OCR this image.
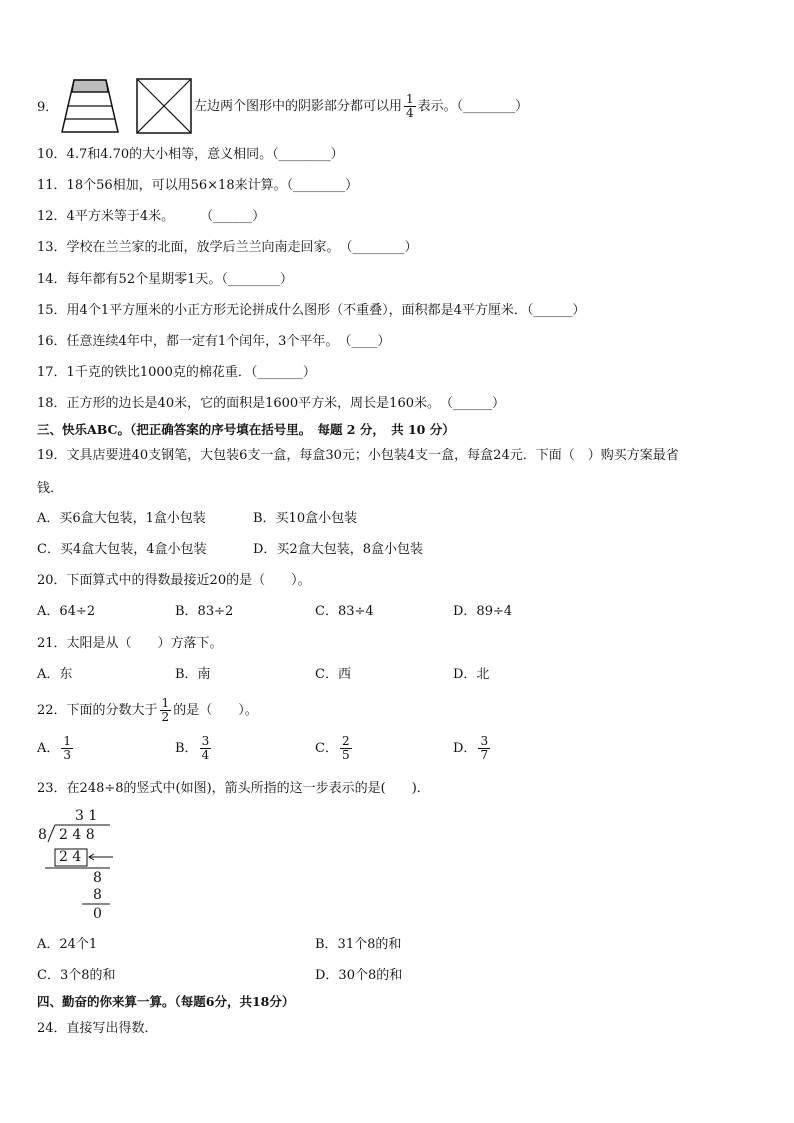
9．	左边两个图形中的阴影部分都可以用 $\frac{1}{4}$ 表示。（________）
10．4.7和4.70的大小相等，意义相同。（________）
11．18个56相加，可以用56×18来计算。（________）
12．4平方米等于4米。　　　（______）
13．学校在兰兰家的北面，放学后兰兰向南走回家。　（________）
14．每年都有52个星期零1天。（________）
15．用4个1平方厘米的小正方形无论拼成什么图形（不重叠），面积都是4平方厘米．（______）
16．任意连续4年中，都一定有1个闰年，3个平年。　（____）
17．1千克的铁比1000克的棉花重．（_______）
18．正方形的边长是40米，它的面积是1600平方米，周长是160米。　（______）
三、快乐ABC。（把正确答案的序号填在括号里。　每题 2 分，　共 10 分）
19．文具店要进40支钢笔，大包装6支一盒，每盒30元；小包装4支一盒，每盒24元．下面（　）购买方案最省
钱．
A．买6盒大包装，1盒小包装	B．买10盒小包装
C．买4盒大包装，4盒小包装	D．买2盒大包装，8盒小包装
20．下面算式中的得数最接近20的是（　　）。
A．64÷2	B．83÷2	C．83÷4	D．89÷4
21．太阳是从（　　）方落下。
A．东	B．南	C．西	D．北
22．下面的分数大于 $\frac{1}{2}$ 的是（　　）。
A． $\frac{1}{3}$	B． $\frac{3}{4}$	C． $\frac{2}{5}$	D． $\frac{3}{7}$
23．在248÷8的竖式中(如图)，箭头所指的这一步表示的是(　　)．
3 1
8 2 4 8
2 4
8
8
0
A．24个1	B．31个8的和
C．3个8的和	D．30个8的和
四、勤奋的你来算一算。（每题6分，共18分）
24．直接写出得数．
